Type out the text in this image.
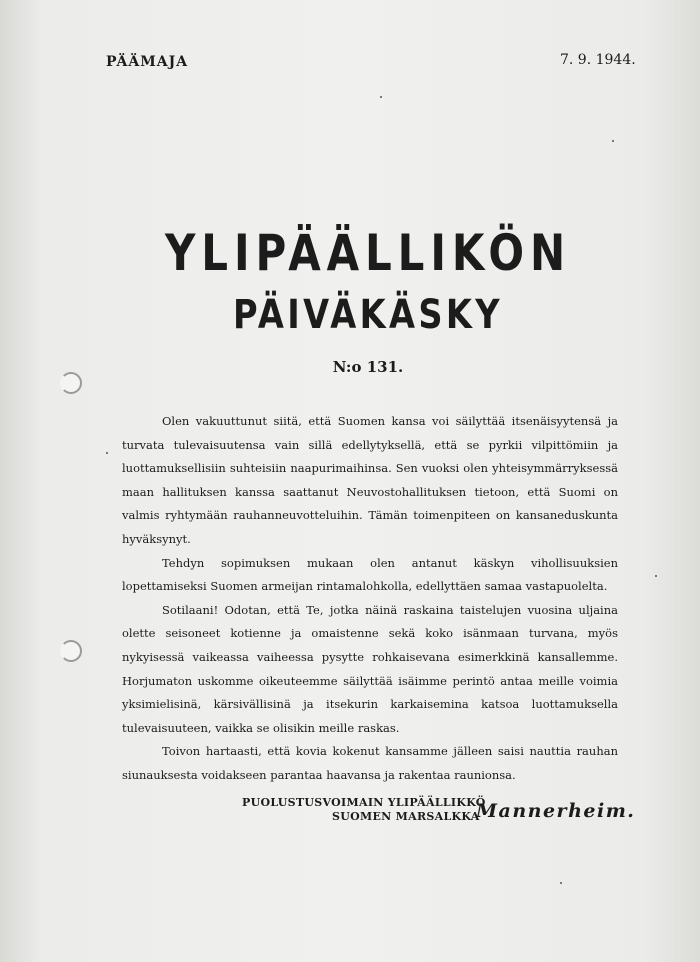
PÄÄMAJA	7. 9. 1944.
YLIPÄÄLLIKÖN
PÄIVÄKÄSKY
N:o 131.

Olen vakuuttunut siitä, että Suomen kansa voi säilyttää itsenäisyytensä ja turvata tulevaisuutensa vain sillä edellytyksellä, että se pyrkii vilpittömiin ja luottamuksellisiin suhteisiin naapurimaihinsa. Sen vuoksi olen yhteisymmärryksessä maan hallituksen kanssa saattanut Neuvostohallituksen tietoon, että Suomi on valmis ryhtymään rauhanneuvotteluihin. Tämän toimenpiteen on kansaneduskunta hyväksynyt.

Tehdyn sopimuksen mukaan olen antanut käskyn vihollisuuksien lopettamiseksi Suomen armeijan rintamalohkolla, edellyttäen samaa vastapuolelta.

Sotilaani! Odotan, että Te, jotka näinä raskaina taistelujen vuosina uljaina olette seisoneet kotienne ja omaistenne sekä koko isänmaan turvana, myös nykyisessä vaikeassa vaiheessa pysytte rohkaisevana esimerkkinä kansallemme. Horjumaton uskomme oikeuteemme säilyttää isäimme perintö antaa meille voimia yksimielisinä, kärsivällisinä ja itsekurin karkaisemina katsoa luottamuksella tulevaisuuteen, vaikka se olisikin meille raskas.

Toivon hartaasti, että kovia kokenut kansamme jälleen saisi nauttia rauhan siunauksesta voidakseen parantaa haavansa ja rakentaa raunionsa.

PUOLUSTUSVOIMAIN YLIPÄÄLLIKKÖ
SUOMEN MARSALKKA
Mannerheim.
